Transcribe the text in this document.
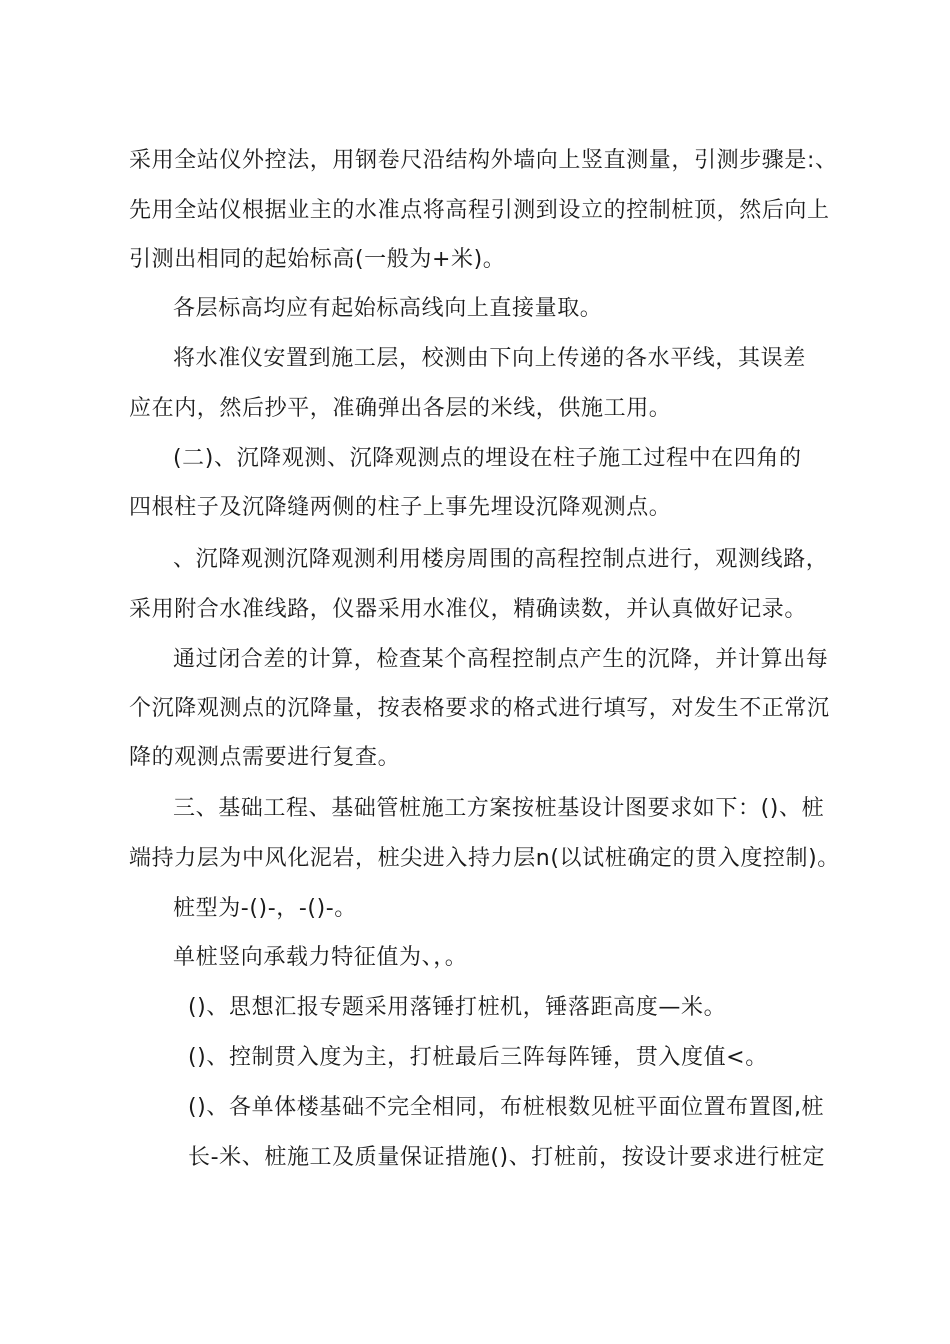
采用全站仪外控法，用钢卷尺沿结构外墙向上竖直测量，引测步骤是:、
先用全站仪根据业主的水准点将高程引测到设立的控制桩顶，然后向上
引测出相同的起始标高(一般为+米)。
各层标高均应有起始标高线向上直接量取。
将水准仪安置到施工层，校测由下向上传递的各水平线，其误差
应在内，然后抄平，准确弹出各层的米线，供施工用。
(二)、沉降观测、沉降观测点的埋设在柱子施工过程中在四角的
四根柱子及沉降缝两侧的柱子上事先埋设沉降观测点。
、沉降观测沉降观测利用楼房周围的高程控制点进行，观测线路，
采用附合水准线路，仪器采用水准仪，精确读数，并认真做好记录。
通过闭合差的计算，检查某个高程控制点产生的沉降，并计算出每
个沉降观测点的沉降量，按表格要求的格式进行填写，对发生不正常沉
降的观测点需要进行复查。
三、基础工程、基础管桩施工方案按桩基设计图要求如下：()、桩
端持力层为中风化泥岩，桩尖进入持力层n(以试桩确定的贯入度控制)。
桩型为-()-，-()-。
单桩竖向承载力特征值为、，。
()、思想汇报专题采用落锤打桩机，锤落距高度—米。
()、控制贯入度为主，打桩最后三阵每阵锤，贯入度值<。
()、各单体楼基础不完全相同，布桩根数见桩平面位置布置图,桩
长-米、桩施工及质量保证措施()、打桩前，按设计要求进行桩定
